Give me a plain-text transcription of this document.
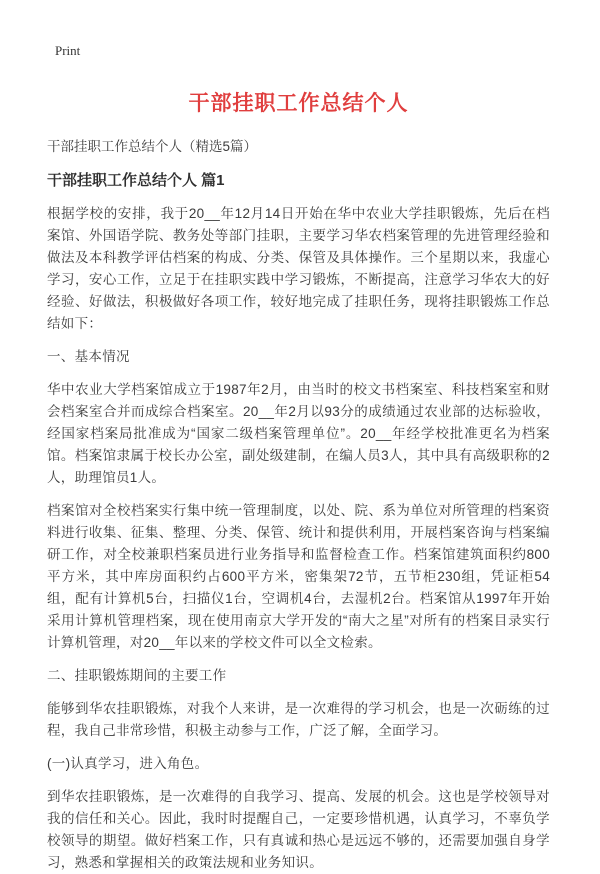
Print
干部挂职工作总结个人

干部挂职工作总结个人（精选5篇）

干部挂职工作总结个人 篇1

根据学校的安排，我于20__年12月14日开始在华中农业大学挂职锻炼，先后在档案馆、外国语学院、教务处等部门挂职，主要学习华农档案管理的先进管理经验和做法及本科教学评估档案的构成、分类、保管及具体操作。三个星期以来，我虚心学习，安心工作，立足于在挂职实践中学习锻炼，不断提高，注意学习华农大的好经验、好做法，积极做好各项工作，较好地完成了挂职任务，现将挂职锻炼工作总结如下：

一、基本情况

华中农业大学档案馆成立于1987年2月，由当时的校文书档案室、科技档案室和财会档案室合并而成综合档案室。20__年2月以93分的成绩通过农业部的达标验收，经国家档案局批准成为“国家二级档案管理单位”。20__年经学校批准更名为档案馆。档案馆隶属于校长办公室，副处级建制，在编人员3人，其中具有高级职称的2人，助理馆员1人。

档案馆对全校档案实行集中统一管理制度，以处、院、系为单位对所管理的档案资料进行收集、征集、整理、分类、保管、统计和提供利用，开展档案咨询与档案编研工作，对全校兼职档案员进行业务指导和监督检查工作。档案馆建筑面积约800平方米，其中库房面积约占600平方米，密集架72节，五节柜230组，凭证柜54组，配有计算机5台，扫描仪1台，空调机4台，去湿机2台。档案馆从1997年开始采用计算机管理档案，现在使用南京大学开发的“南大之星”对所有的档案目录实行计算机管理，对20__年以来的学校文件可以全文检索。

二、挂职锻炼期间的主要工作

能够到华农挂职锻炼，对我个人来讲，是一次难得的学习机会，也是一次砺练的过程，我自己非常珍惜，积极主动参与工作，广泛了解，全面学习。

(一)认真学习，进入角色。

到华农挂职锻炼，是一次难得的自我学习、提高、发展的机会。这也是学校领导对我的信任和关心。因此，我时时提醒自己，一定要珍惜机遇，认真学习，不辜负学校领导的期望。做好档案工作，只有真诚和热心是远远不够的，还需要加强自身学习，熟悉和掌握相关的政策法规和业务知识。
